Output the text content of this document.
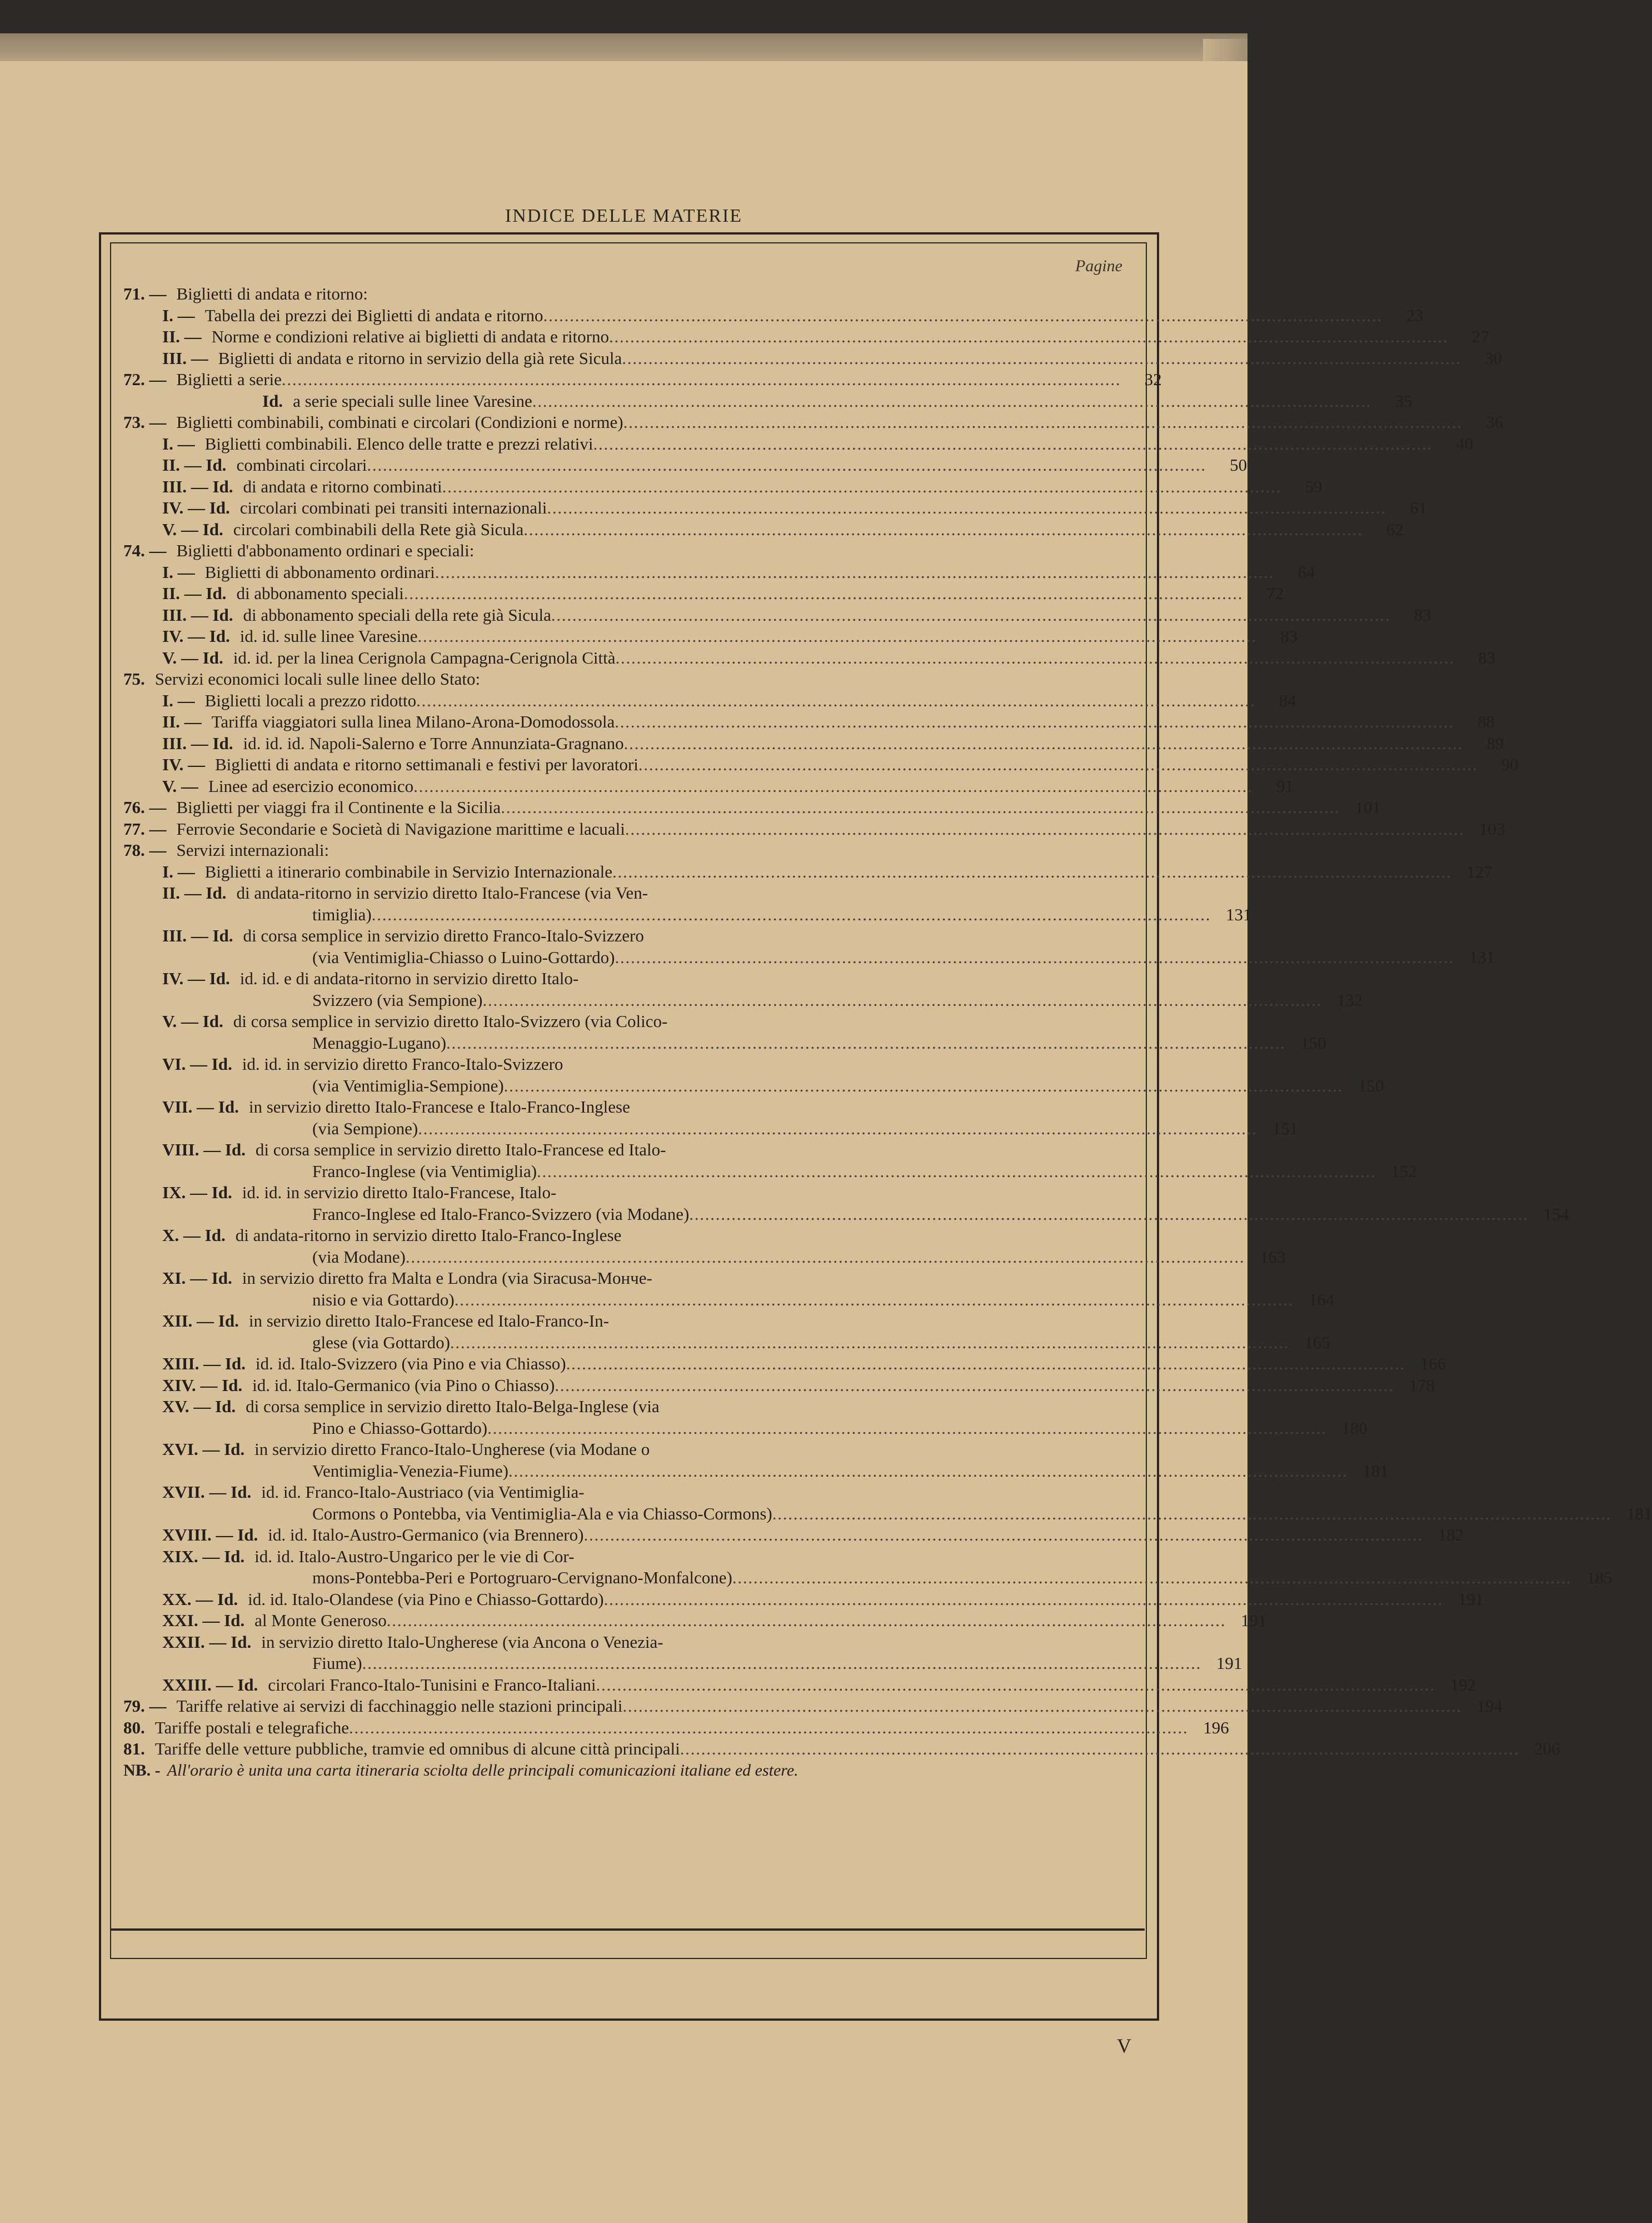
INDICE DELLE MATERIE
Pagine
71. — Biglietti di andata e ritorno:
I. — Tabella dei prezzi dei Biglietti di andata e ritorno . . .	23
II. — Norme e condizioni relative ai biglietti di andata e ritorno . . .	27
III. — Biglietti di andata e ritorno in servizio della già rete Sicula . . .	30
72. — Biglietti a serie . . .	32
Id. a serie speciali sulle linee Varesine . . .	35
73. — Biglietti combinabili, combinati e circolari (Condizioni e norme) . . .	36
I. — Biglietti combinabili. Elenco delle tratte e prezzi relativi . . .	40
II. — Id. combinati circolari . . .	50
III. — Id. di andata e ritorno combinati . . .	59
IV. — Id. circolari combinati pei transiti internazionali . . .	61
V. — Id. circolari combinabili della Rete già Sicula . . .	62
74. — Biglietti d'abbonamento ordinari e speciali:
I. — Biglietti di abbonamento ordinari . . .	64
II. — Id. di abbonamento speciali . . .	72
III. — Id. di abbonamento speciali della rete già Sicula . . .	83
IV. — Id. id. id. sulle linee Varesine . . .	83
V. — Id. id. id. per la linea Cerignola Campagna-Cerignola Città . . .	83
75. Servizi economici locali sulle linee dello Stato:
I. — Biglietti locali a prezzo ridotto . . .	84
II. — Tariffa viaggiatori sulla linea Milano-Arona-Domodossola . . .	88
III. — Id. id. id. id. Napoli-Salerno e Torre Annunziata-Gragnano . . .	89
IV. — Biglietti di andata e ritorno settimanali e festivi per lavoratori . . .	90
V. — Linee ad esercizio economico . . .	91
76. — Biglietti per viaggi fra il Continente e la Sicilia . . .	101
77. — Ferrovie Secondarie e Società di Navigazione marittime e lacuali . . .	103
78. — Servizi internazionali:
I. — Biglietti a itinerario combinabile in Servizio Internazionale . . .	127
II. — Id. di andata-ritorno in servizio diretto Italo-Francese (via Ven-
timiglia) . . .	131
III. — Id. di corsa semplice in servizio diretto Franco-Italo-Svizzero
(via Ventimiglia-Chiasso o Luino-Gottardo) . . .	131
IV. — Id. id. id. e di andata-ritorno in servizio diretto Italo-
Svizzero (via Sempione) . . .	132
V. — Id. di corsa semplice in servizio diretto Italo-Svizzero (via Colico-
Menaggio-Lugano) . . .	150
VI. — Id. id. id. in servizio diretto Franco-Italo-Svizzero
(via Ventimiglia-Sempione) . . .	150
VII. — Id. in servizio diretto Italo-Francese e Italo-Franco-Inglese
(via Sempione) . . .	151
VIII. — Id. di corsa semplice in servizio diretto Italo-Francese ed Italo-
Franco-Inglese (via Ventimiglia) . . .	152
IX. — Id. id. id. in servizio diretto Italo-Francese, Italo-
Franco-Inglese ed Italo-Franco-Svizzero (via Modane) . . .	154
X. — Id. di andata-ritorno in servizio diretto Italo-Franco-Inglese
(via Modane) . . .	163
XI. — Id. in servizio diretto fra Malta e Londra (via Siracusa-Mончe-
nisio e via Gottardo) . . .	164
XII. — Id. in servizio diretto Italo-Francese ed Italo-Franco-In-
glese (via Gottardo) . . .	165
XIII. — Id. id. id. Italo-Svizzero (via Pino e via Chiasso) . . .	166
XIV. — Id. id. id. Italo-Germanico (via Pino o Chiasso) . . .	178
XV. — Id. di corsa semplice in servizio diretto Italo-Belga-Inglese (via
Pino e Chiasso-Gottardo) . . .	180
XVI. — Id. in servizio diretto Franco-Italo-Ungherese (via Modane o
Ventimiglia-Venezia-Fiume) . . .	181
XVII. — Id. id. id. Franco-Italo-Austriaco (via Ventimiglia-
Cormons o Pontebba, via Ventimiglia-Ala e via Chiasso-Cormons) . . .	181
XVIII. — Id. id. id. Italo-Austro-Germanico (via Brennero) . . .	182
XIX. — Id. id. id. Italo-Austro-Ungarico per le vie di Cor-
mons-Pontebba-Peri e Portogruaro-Cervignano-Monfalcone) . . .	185
XX. — Id. id. id. Italo-Olandese (via Pino e Chiasso-Gottardo) . . .	191
XXI. — Id. al Monte Generoso . . .	191
XXII. — Id. in servizio diretto Italo-Ungherese (via Ancona o Venezia-
Fiume) . . .	191
XXIII. — Id. circolari Franco-Italo-Tunisini e Franco-Italiani . . .	192
79. — Tariffe relative ai servizi di facchinaggio nelle stazioni principali . . .	194
80. Tariffe postali e telegrafiche . . .	196
81. Tariffe delle vetture pubbliche, tramvie ed omnibus di alcune città principali . . .	206
NB. - All'orario è unita una carta itineraria sciolta delle principali comunicazioni italiane ed estere.
V
